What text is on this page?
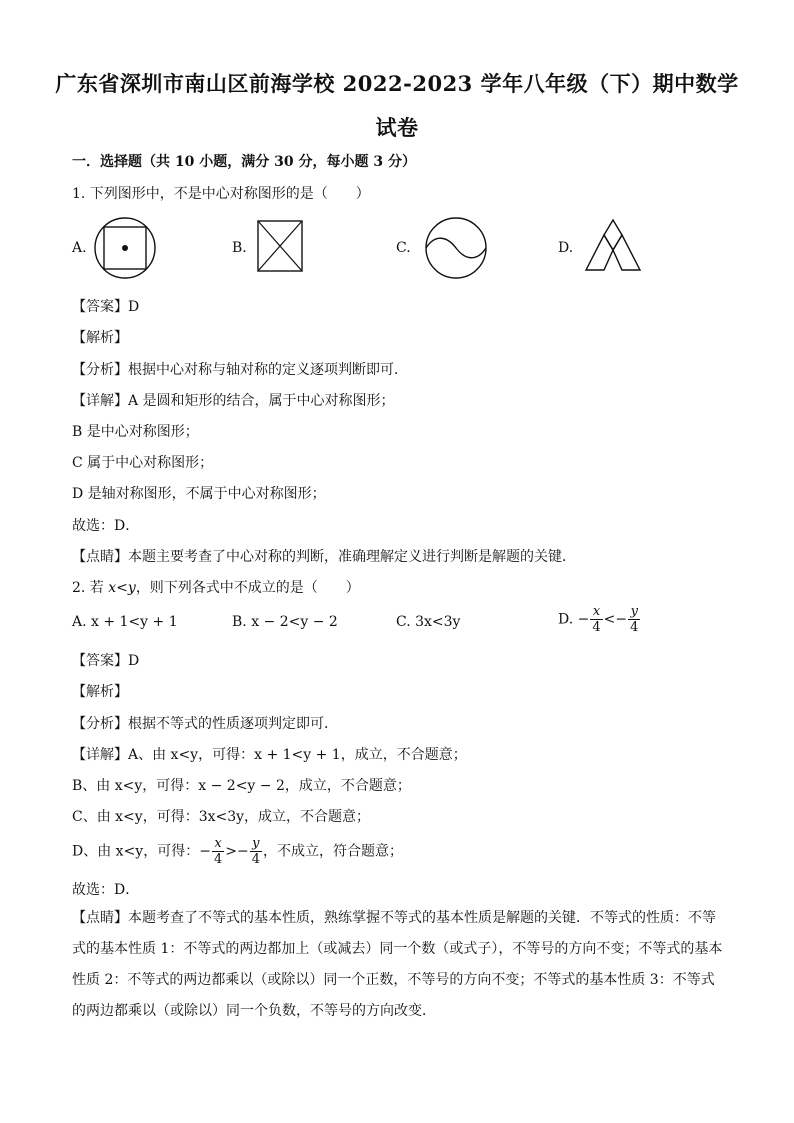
广东省深圳市南山区前海学校 2022-2023 学年八年级（下）期中数学
试卷
一．选择题（共 10 小题，满分 30 分，每小题 3 分）
1. 下列图形中，不是中心对称图形的是（　　）
A.	B.	C.	D.
【答案】D
【解析】
【分析】根据中心对称与轴对称的定义逐项判断即可．
【详解】A 是圆和矩形的结合，属于中心对称图形；
B 是中心对称图形；
C 属于中心对称图形；
D 是轴对称图形，不属于中心对称图形；
故选：D．
【点睛】本题主要考查了中心对称的判断，准确理解定义进行判断是解题的关键．
2. 若 x<y，则下列各式中不成立的是（　　）
A. x + 1<y + 1	B. x − 2<y − 2	C. 3x<3y	D. − $\frac{x}{4} <- \frac{y}{4}$
【答案】D
【解析】
【分析】根据不等式的性质逐项判定即可．
【详解】A、由 x<y，可得：x + 1<y + 1，成立，不合题意；
B、由 x<y，可得：x − 2<y − 2，成立，不合题意；
C、由 x<y，可得：3x<3y，成立，不合题意；
D、由 x<y，可得：− $\frac{x}{4} >- \frac{y}{4}$ ，不成立，符合题意；
故选：D．
【点睛】本题考查了不等式的基本性质，熟练掌握不等式的基本性质是解题的关键．不等式的性质：不等式的基本性质 1：不等式的两边都加上（或减去）同一个数（或式子），不等号的方向不变；不等式的基本性质 2：不等式的两边都乘以（或除以）同一个正数，不等号的方向不变；不等式的基本性质 3：不等式的两边都乘以（或除以）同一个负数，不等号的方向改变．
